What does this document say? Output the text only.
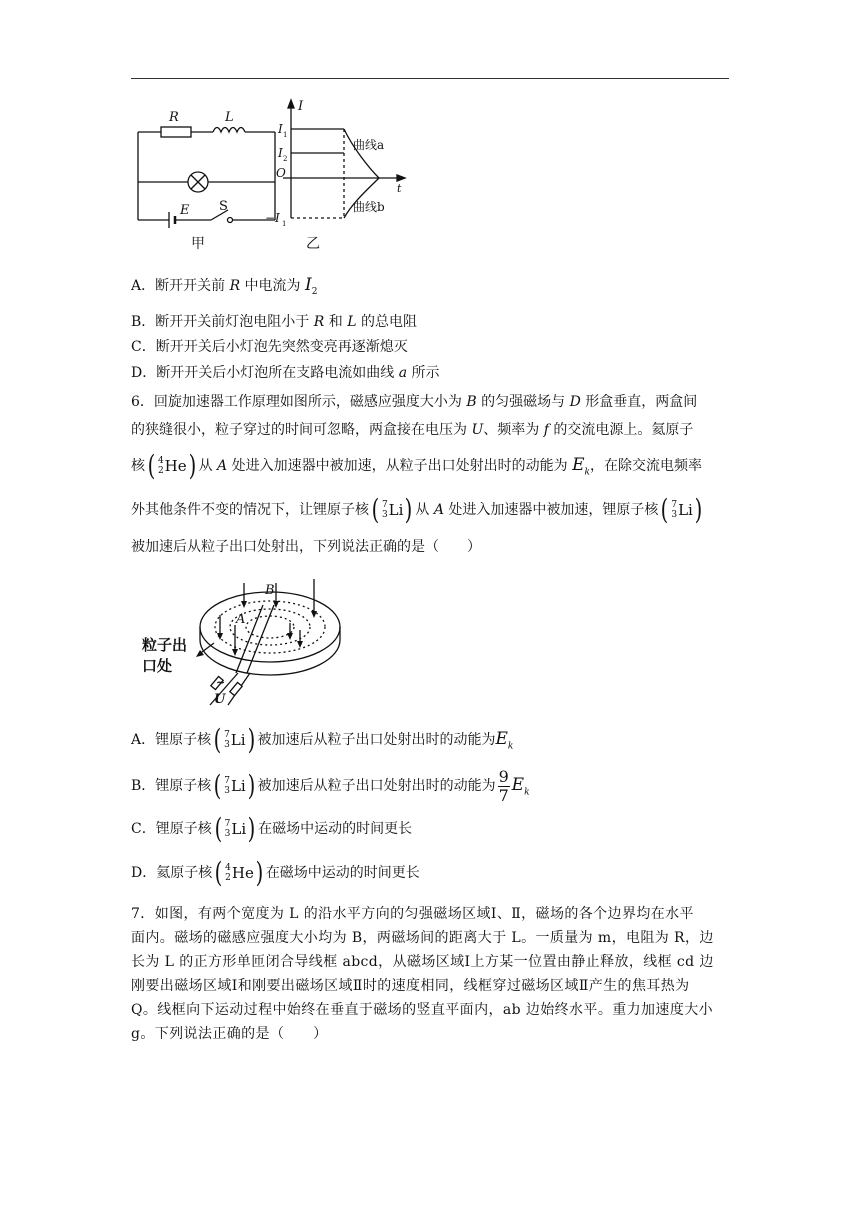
R	L
E S
甲	乙
I
t
I 1
I 2
O
−I 1
曲线a
曲线b
A．断开开关前 R 中电流为 $I_2$
B．断开开关前灯泡电阻小于 R 和 L 的总电阻
C．断开开关后小灯泡先突然变亮再逐渐熄灭
D．断开开关后小灯泡所在支路电流如曲线 a 所示
6．回旋加速器工作原理如图所示，磁感应强度大小为 B 的匀强磁场与 D 形盒垂直，两盒间
的狭缝很小，粒子穿过的时间可忽略，两盒接在电压为 U、频率为 f 的交流电源上。氦原子
核 ( 4
2 He ) 从 A 处进入加速器中被加速，从粒子出口处射出时的动能为 $E_k$，在除交流电频率
外其他条件不变的情况下，让锂原子核 ( 7
3 Li ) 从 A 处进入加速器中被加速，锂原子核 ( 7
3 Li )
被加速后从粒子出口处射出，下列说法正确的是（　　）
B
A
粒子出
口处
~
U
A．锂原子核 ( 7
3 Li ) 被加速后从粒子出口处射出时的动能为$E_k$
B．锂原子核 ( 7
3 Li ) 被加速后从粒子出口处射出时的动能为 $\frac{9}{7} E_k$
C．锂原子核 ( 7
3 Li ) 在磁场中运动的时间更长
D．氦原子核 ( 4
2 He ) 在磁场中运动的时间更长

7．如图，有两个宽度为 L 的沿水平方向的匀强磁场区域Ⅰ、Ⅱ，磁场的各个边界均在水平

面内。磁场的磁感应强度大小均为 B，两磁场间的距离大于 L。一质量为 m，电阻为 R，边

长为 L 的正方形单匝闭合导线框 abcd，从磁场区域Ⅰ上方某一位置由静止释放，线框 cd 边

刚要出磁场区域Ⅰ和刚要出磁场区域Ⅱ时的速度相同，线框穿过磁场区域Ⅱ产生的焦耳热为

Q。线框向下运动过程中始终在垂直于磁场的竖直平面内，ab 边始终水平。重力加速度大小

g。下列说法正确的是（　　）
